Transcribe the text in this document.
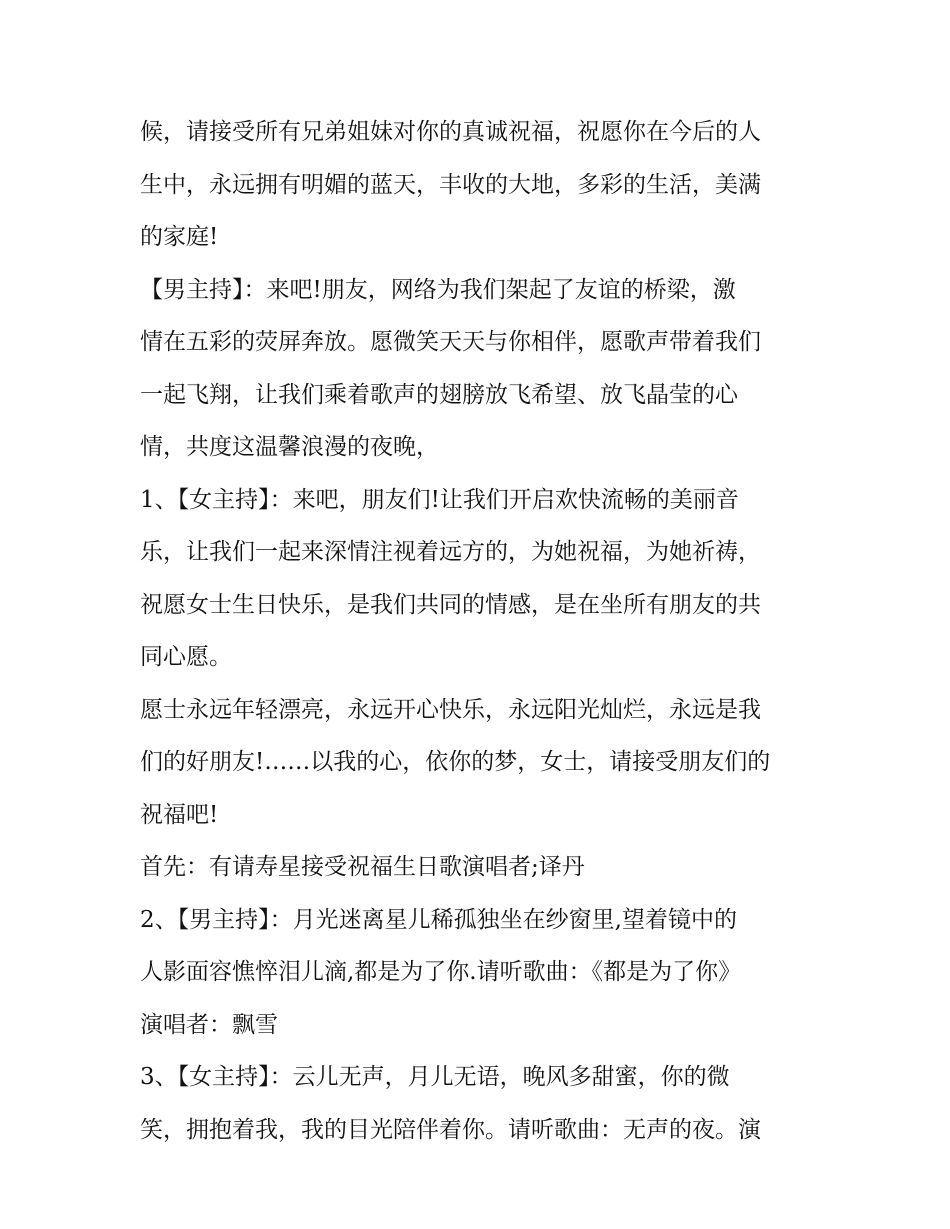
候，请接受所有兄弟姐妹对你的真诚祝福，祝愿你在今后的人
生中，永远拥有明媚的蓝天，丰收的大地，多彩的生活，美满
的家庭!
【男主持】：来吧!朋友，网络为我们架起了友谊的桥梁，激
情在五彩的荧屏奔放。愿微笑天天与你相伴，愿歌声带着我们
一起飞翔，让我们乘着歌声的翅膀放飞希望、放飞晶莹的心
情，共度这温馨浪漫的夜晚，
1、【女主持】：来吧，朋友们!让我们开启欢快流畅的美丽音
乐，让我们一起来深情注视着远方的，为她祝福，为她祈祷，
祝愿女士生日快乐，是我们共同的情感，是在坐所有朋友的共
同心愿。
愿士永远年轻漂亮，永远开心快乐，永远阳光灿烂，永远是我
们的好朋友!……以我的心，依你的梦，女士，请接受朋友们的
祝福吧!
首先：有请寿星接受祝福生日歌演唱者;译丹
2、【男主持】：月光迷离星儿稀孤独坐在纱窗里,望着镜中的
人影面容憔悴泪儿滴,都是为了你.请听歌曲：《都是为了你》
演唱者：飘雪
3、【女主持】：云儿无声，月儿无语，晚风多甜蜜，你的微
笑，拥抱着我，我的目光陪伴着你。请听歌曲：无声的夜。演
